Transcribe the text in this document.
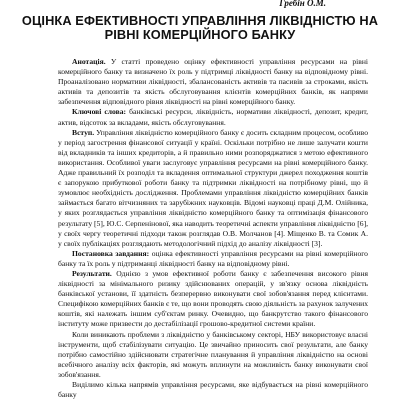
Гребін О.М.
ОЦІНКА ЕФЕКТИВНОСТІ УПРАВЛІННЯ ЛІКВІДНІСТЮ НА РІВНІ КОМЕРЦІЙНОГО БАНКУ

Анотація. У статті проведено оцінку ефективності управління ресурсами на рівні комерційного банку та визначено їх роль у підтримці ліквідності банку на відповідному рівні. Проаналізовано нормативи ліквідності, збалансованість активів та пасивів за строками, якість активів та депозитів та якість обслуговування клієнтів комерційних банків, як напрями забезпечення відповідного рівня ліквідності на рівні комерційного банку.

Ключові слова: банківські ресурси, ліквідність, нормативи ліквідності, депозит, кредит, актив, відсоток за вкладами, якість обслуговування.

Вступ. Управління ліквідністю комерційного банку є досить складним процесом, особливо у період загострення фінансової ситуації у країні. Оскільки потрібно не лише залучати кошти від вкладників та інших кредиторів, а й правильно ними розпоряджатися з метою ефективного використання. Особливої уваги заслуговує управління ресурсами на рівні комерційного банку. Адже правильний їх розподіл та вкладення оптимальної структури джерел походження коштів є запорукою прибуткової роботи банку та підтримки ліквідності на потрібному рівні, що й зумовлює необхідність дослідження. Проблемами управління ліквідністю комерційних банків займається багато вітчизняних та зарубіжних науковців. Відомі науковці праці Д.М. Олійника, у яких розглядається управління ліквідністю комерційного банку та оптимізація фінансового результату [5], Ю.С. Серпенінової, яка наводить теоретичні аспекти управління ліквідністю [6], у своїх чергу теоретичні підходи також розглядав О.В. Молчанов [4]. Міщенко В. та Сомик А. у своїх публікаціях розглядають методологічний підхід до аналізу ліквідності [3].

Постановка завдання: оцінка ефективності управління ресурсами на рівні комерційного банку та їх роль у підтриманці ліквідності банку на відповідному рівні.

Результати. Однією з умов ефективної роботи банку є забезпечення високого рівня ліквідності за мінімального ризику здійснюваних операцій, у зв'язку основа ліквідність банківської установи, її здатність безперервно виконувати свої зобов'язання перед клієнтами. Специфікою комерційних банків є те, що вони проводять свою діяльність за рахунок залучених коштів, які належать іншим суб'єктам ринку. Очевидно, що банкрутство такого фінансового інституту може призвести до дестабілізації грошово-кредитної системи країни.

Коли виникають проблеми з ліквідністю у банківському секторі, НБУ використовує власні інструменти, щоб стабілізувати ситуацію. Це звичайно приносить свої результати, але банку потрібно самостійно здійснювати стратегічне планування й управління ліквідністю на основі всебічного аналізу всіх факторів, які можуть вплинути на можливість банку виконувати свої зобов'язання.

Виділимо кілька напрямів управління ресурсами, яке відбувається на рівні комерційного банку
